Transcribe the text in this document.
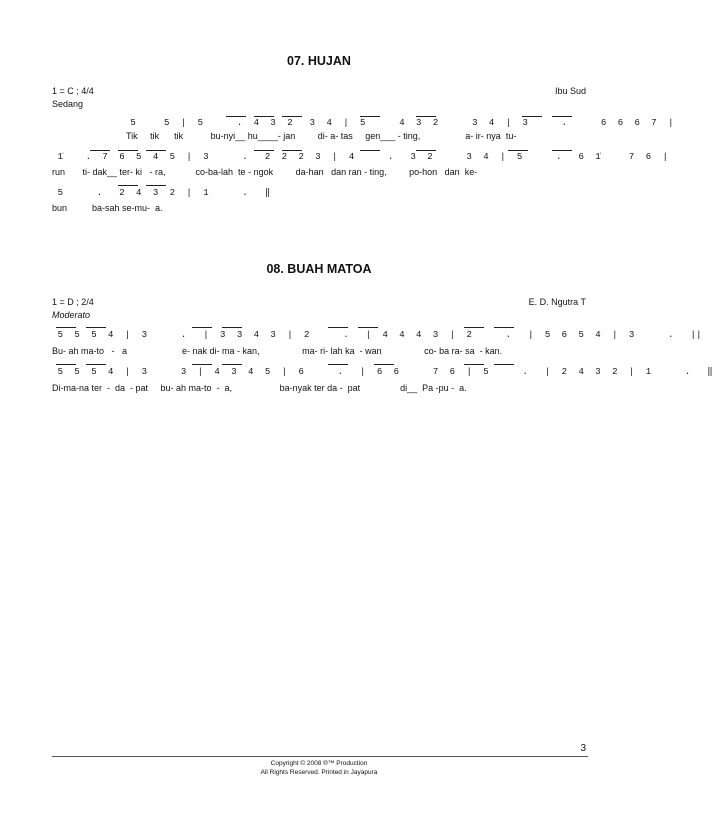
07. HUJAN
1 = C ; 4/4	Ibu Sud
Sedang
5     5  |  5      .  4  3  2   3  4  |  5      4  3  2      3  4  |  3      .      6  6  6  7  |
Tik     tik      tik           bu-nyi__ hu____- jan         di- a- tas     gen___ - ting,                  a- ir- nya  tu-
1̇    .  7  6  5  4  5  |  3      .   2  2  2  3  |  4      .   3  2      3  4  |  5      .   6  1̇     7  6  |
run       ti- dak__ ter- ki   - ra,            co-ba-lah  te - ngok         da-han   dan ran - ting,         po-hon   dan  ke-
5      .   2  4  3  2  |  1      .   ‖
bun          ba-sah se-mu-  a.
08. BUAH MATOA
1 = D ; 2/4	E. D. Ngutra T
Moderato
5  5  5  4  |  3      .   |  3  3  4  3  |  2      .   |  4  4  4  3  |  2      .   |  5  6  5  4  |  3      .   ||
Bu- ah ma-to   -   a                      e- nak di- ma - kan,                 ma- ri- lah ka  - wan                 co- ba ra- sa  - kan.
5  5  5  4  |  3      3  |  4  3  4  5  |  6      .   |  6  6      7  6  |  5      .   |  2  4  3  2  |  1      .   ‖
Di-ma-na ter  -  da  - pat     bu- ah ma-to  -  a,                   ba-nyak ter da -  pat                di__  Pa -pu -  a.
3
Copyright © 2008 ®™ Production
All Rights Reserved. Printed in Jayapura
